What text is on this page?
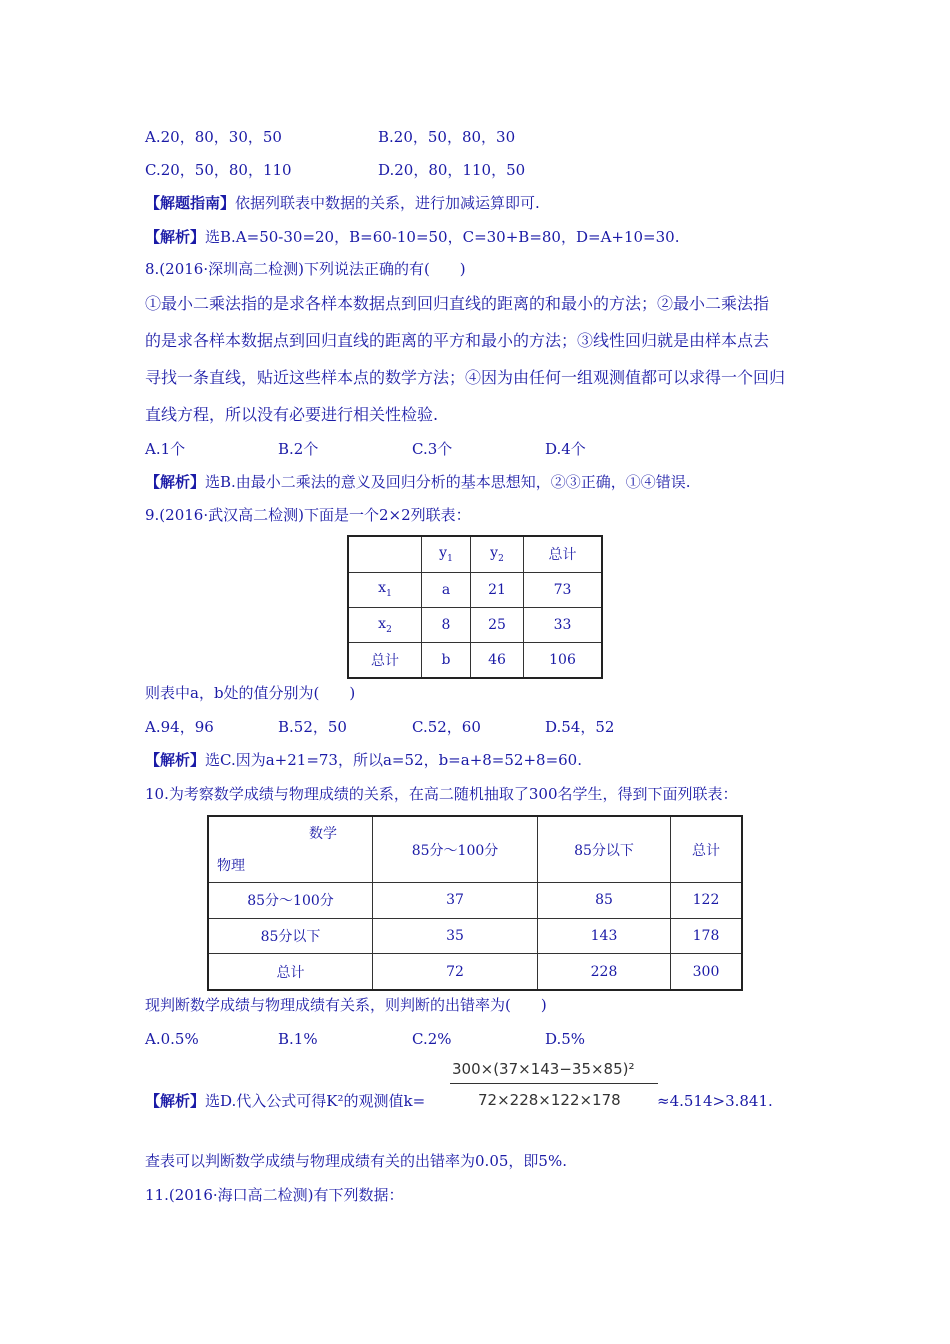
A.20，80，30，50	B.20，50，80，30
C.20，50，80，110	D.20，80，110，50
【解题指南】依据列联表中数据的关系，进行加减运算即可.
【解析】选B.A=50-30=20，B=60-10=50，C=30+B=80，D=A+10=30.
8.(2016·深圳高二检测)下列说法正确的有(　　)
①最小二乘法指的是求各样本数据点到回归直线的距离的和最小的方法；②最小二乘法指
的是求各样本数据点到回归直线的距离的平方和最小的方法；③线性回归就是由样本点去
寻找一条直线，贴近这些样本点的数学方法；④因为由任何一组观测值都可以求得一个回归
直线方程，所以没有必要进行相关性检验.
A.1个	B.2个	C.3个	D.4个
【解析】选B.由最小二乘法的意义及回归分析的基本思想知，②③正确，①④错误.
9.(2016·武汉高二检测)下面是一个2×2列联表：
	$y_1$	$y_2$	总计
$x_1$	a	21	73
$x_2$	8	25	33
总计	b	46	106
则表中a，b处的值分别为(　　)
A.94，96	B.52，50	C.52，60	D.54，52
【解析】选C.因为a+21=73，所以a=52，b=a+8=52+8=60.
10.为考察数学成绩与物理成绩的关系，在高二随机抽取了300名学生，得到下面列联表：
数学
物理	85分～100分	85分以下	总计
85分～100分	37	85	122
85分以下	35	143	178
总计	72	228	300
现判断数学成绩与物理成绩有关系，则判断的出错率为(　　)
A.0.5%	B.1%	C.2%	D.5%
300×(37×143−35×85)²
72×228×122×178
【解析】选D.代入公式可得K²的观测值k=	≈4.514>3.841.
查表可以判断数学成绩与物理成绩有关的出错率为0.05，即5%.
11.(2016·海口高二检测)有下列数据：
